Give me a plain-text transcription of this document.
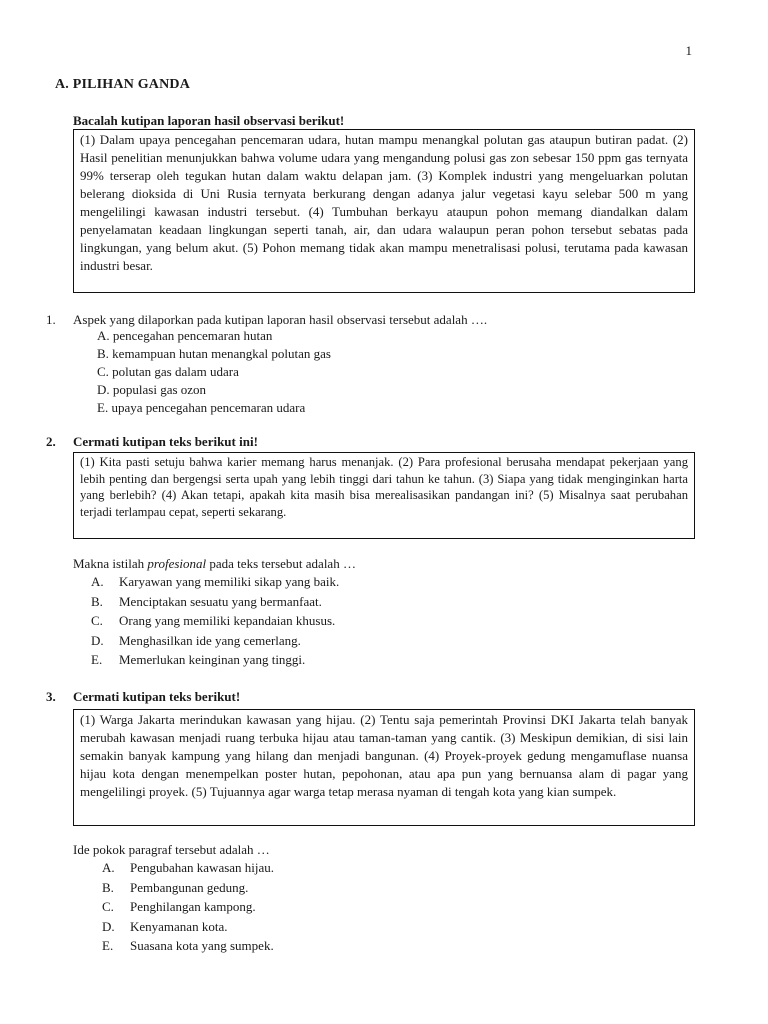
1
A. PILIHAN GANDA
Bacalah kutipan laporan hasil observasi berikut!
(1) Dalam upaya pencegahan pencemaran udara, hutan mampu menangkal polutan gas ataupun butiran padat. (2) Hasil penelitian menunjukkan bahwa volume udara yang mengandung polusi gas zon sebesar 150 ppm gas ternyata 99% terserap oleh tegukan hutan dalam waktu delapan jam. (3) Komplek industri yang mengeluarkan polutan belerang dioksida di Uni Rusia ternyata berkurang dengan adanya jalur vegetasi kayu selebar 500 m yang mengelilingi kawasan industri tersebut. (4) Tumbuhan berkayu ataupun pohon memang diandalkan dalam penyelamatan keadaan lingkungan seperti tanah, air, dan udara walaupun peran pohon tersebut sebatas pada lingkungan, yang belum akut. (5) Pohon memang tidak akan mampu menetralisasi polusi, terutama pada kawasan industri besar.
1. Aspek yang dilaporkan pada kutipan laporan hasil observasi tersebut adalah ….
A. pencegahan pencemaran hutan
B. kemampuan hutan menangkal polutan gas
C. polutan gas dalam udara
D. populasi gas ozon
E. upaya pencegahan pencemaran udara
2. Cermati kutipan teks berikut ini!
(1) Kita pasti setuju bahwa karier memang harus menanjak. (2) Para profesional berusaha mendapat pekerjaan yang lebih penting dan bergengsi serta upah yang lebih tinggi dari tahun ke tahun. (3) Siapa yang tidak menginginkan harta yang berlebih? (4) Akan tetapi, apakah kita masih bisa merealisasikan pandangan ini? (5) Misalnya saat perubahan terjadi terlampau cepat, seperti sekarang.
Makna istilah profesional pada teks tersebut adalah …
A. Karyawan yang memiliki sikap yang baik.
B. Menciptakan sesuatu yang bermanfaat.
C. Orang yang memiliki kepandaian khusus.
D. Menghasilkan ide yang cemerlang.
E. Memerlukan keinginan yang tinggi.
3. Cermati kutipan teks berikut!
(1) Warga Jakarta merindukan kawasan yang hijau. (2) Tentu saja pemerintah Provinsi DKI Jakarta telah banyak merubah kawasan menjadi ruang terbuka hijau atau taman-taman yang cantik. (3) Meskipun demikian, di sisi lain semakin banyak kampung yang hilang dan menjadi bangunan. (4) Proyek-proyek gedung mengamuflase nuansa hijau kota dengan menempelkan poster hutan, pepohonan, atau apa pun yang bernuansa alam di pagar yang mengelilingi proyek. (5) Tujuannya agar warga tetap merasa nyaman di tengah kota yang kian sumpek.
Ide pokok paragraf tersebut adalah …
A. Pengubahan kawasan hijau.
B. Pembangunan gedung.
C. Penghilangan kampong.
D. Kenyamanan kota.
E. Suasana kota yang sumpek.
